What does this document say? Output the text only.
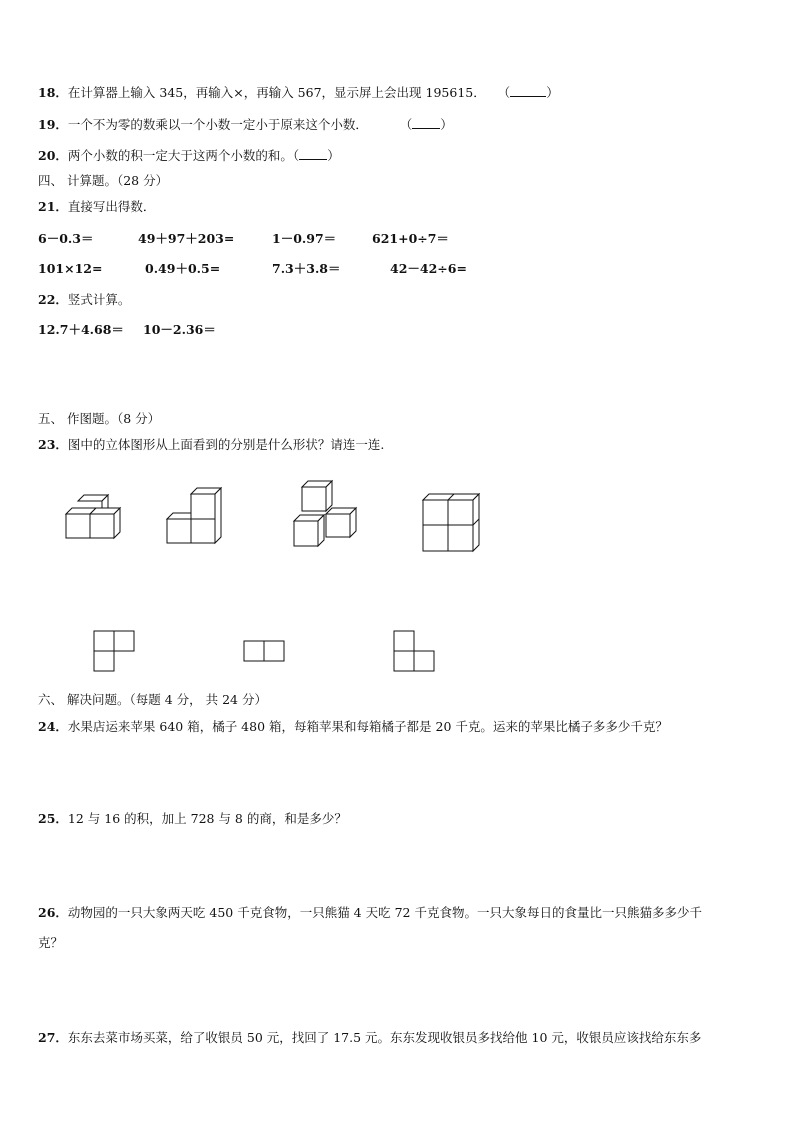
18．在计算器上输入 345，再输入×，再输入 567，显示屏上会出现 195615． （	）
19．一个不为零的数乘以一个小数一定小于原来这个小数．	（ ）
20．两个小数的积一定大于这两个小数的和。（ ）
四、 计算题。（28 分）
21．直接写出得数．
6－0.3＝	49＋97＋203=	1－0.97＝	621+0÷7＝
101×12=	0.49＋0.5=	7.3＋3.8＝	42－42÷6=
22．竖式计算。
12.7＋4.68＝ 10－2.36＝
五、 作图题。（8 分）
23．图中的立体图形从上面看到的分别是什么形状？请连一连.
六、 解决问题。（每题 4 分， 共 24 分）
24．水果店运来苹果 640 箱，橘子 480 箱，每箱苹果和每箱橘子都是 20 千克。运来的苹果比橘子多多少千克？
25．12 与 16 的积，加上 728 与 8 的商，和是多少？
26．动物园的一只大象两天吃 450 千克食物，一只熊猫 4 天吃 72 千克食物。一只大象每日的食量比一只熊猫多多少千
克？
27．东东去菜市场买菜，给了收银员 50 元，找回了 17.5 元。东东发现收银员多找给他 10 元，收银员应该找给东东多
